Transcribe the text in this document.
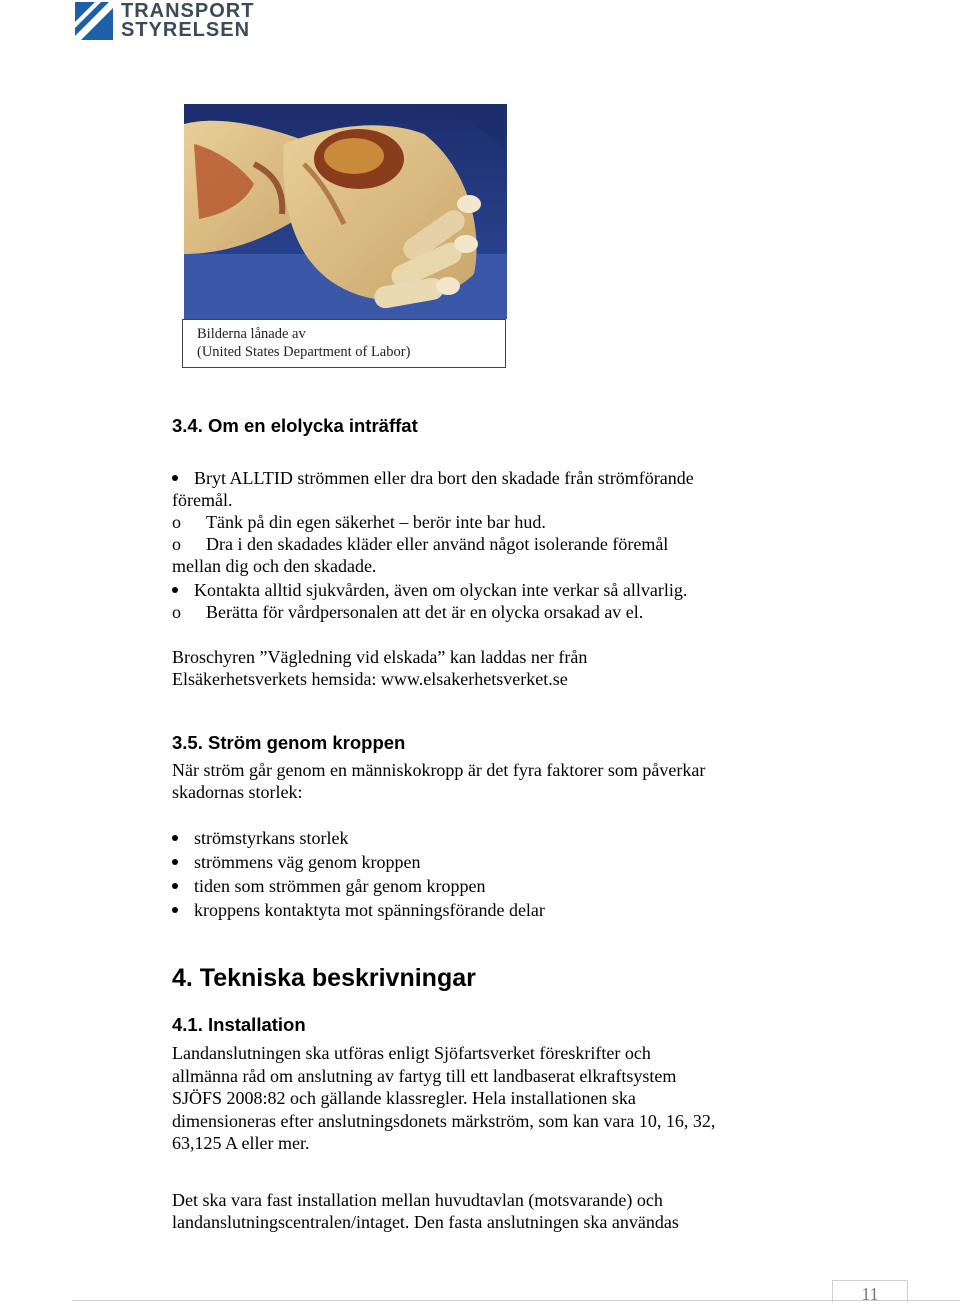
TRANSPORT
STYRELSEN
Bilderna lånade av
(United States Department of Labor)
3.4. Om en elolycka inträffat
Bryt ALLTID strömmen eller dra bort den skadade från strömförande
föremål.
o Tänk på din egen säkerhet – berör inte bar hud.
o Dra i den skadades kläder eller använd något isolerande föremål
mellan dig och den skadade.
Kontakta alltid sjukvården, även om olyckan inte verkar så allvarlig.
o Berätta för vårdpersonalen att det är en olycka orsakad av el.
Broschyren ”Vägledning vid elskada” kan laddas ner från
Elsäkerhetsverkets hemsida: www.elsakerhetsverket.se
3.5. Ström genom kroppen
När ström går genom en människokropp är det fyra faktorer som påverkar
skadornas storlek:
strömstyrkans storlek
strömmens väg genom kroppen
tiden som strömmen går genom kroppen
kroppens kontaktyta mot spänningsförande delar
4. Tekniska beskrivningar
4.1. Installation
Landanslutningen ska utföras enligt Sjöfartsverket föreskrifter och
allmänna råd om anslutning av fartyg till ett landbaserat elkraftsystem
SJÖFS 2008:82 och gällande klassregler. Hela installationen ska
dimensioneras efter anslutningsdonets märkström, som kan vara 10, 16, 32,
63,125 A eller mer.
Det ska vara fast installation mellan huvudtavlan (motsvarande) och
landanslutningscentralen/intaget. Den fasta anslutningen ska användas
11
